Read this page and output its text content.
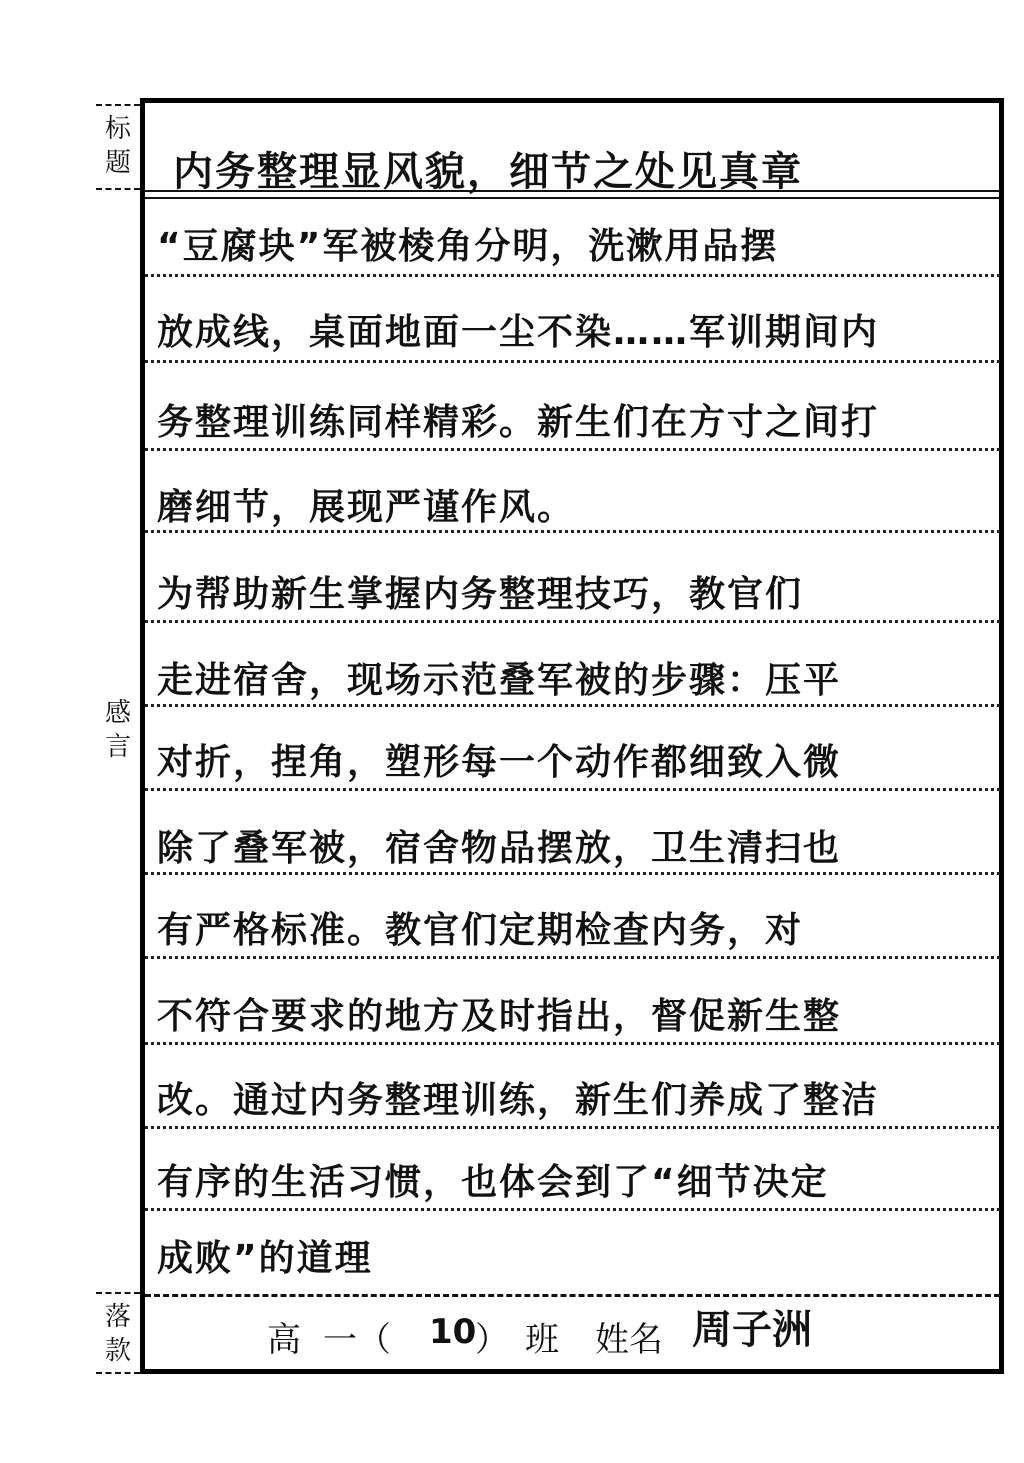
标
题
感
言
落
款
内务整理显风貌，细节之处见真章
“豆腐块”军被棱角分明，洗漱用品摆
放成线，桌面地面一尘不染……军训期间内
务整理训练同样精彩。新生们在方寸之间打
磨细节，展现严谨作风。
为帮助新生掌握内务整理技巧，教官们
走进宿舍，现场示范叠军被的步骤：压平
对折，捏角，塑形每一个动作都细致入微
除了叠军被，宿舍物品摆放，卫生清扫也
有严格标准。教官们定期检查内务，对
不符合要求的地方及时指出，督促新生整
改。通过内务整理训练，新生们养成了整洁
有序的生活习惯，也体会到了“细节决定
成败”的道理
高 一（ 10
） 班 姓名 周子洲
